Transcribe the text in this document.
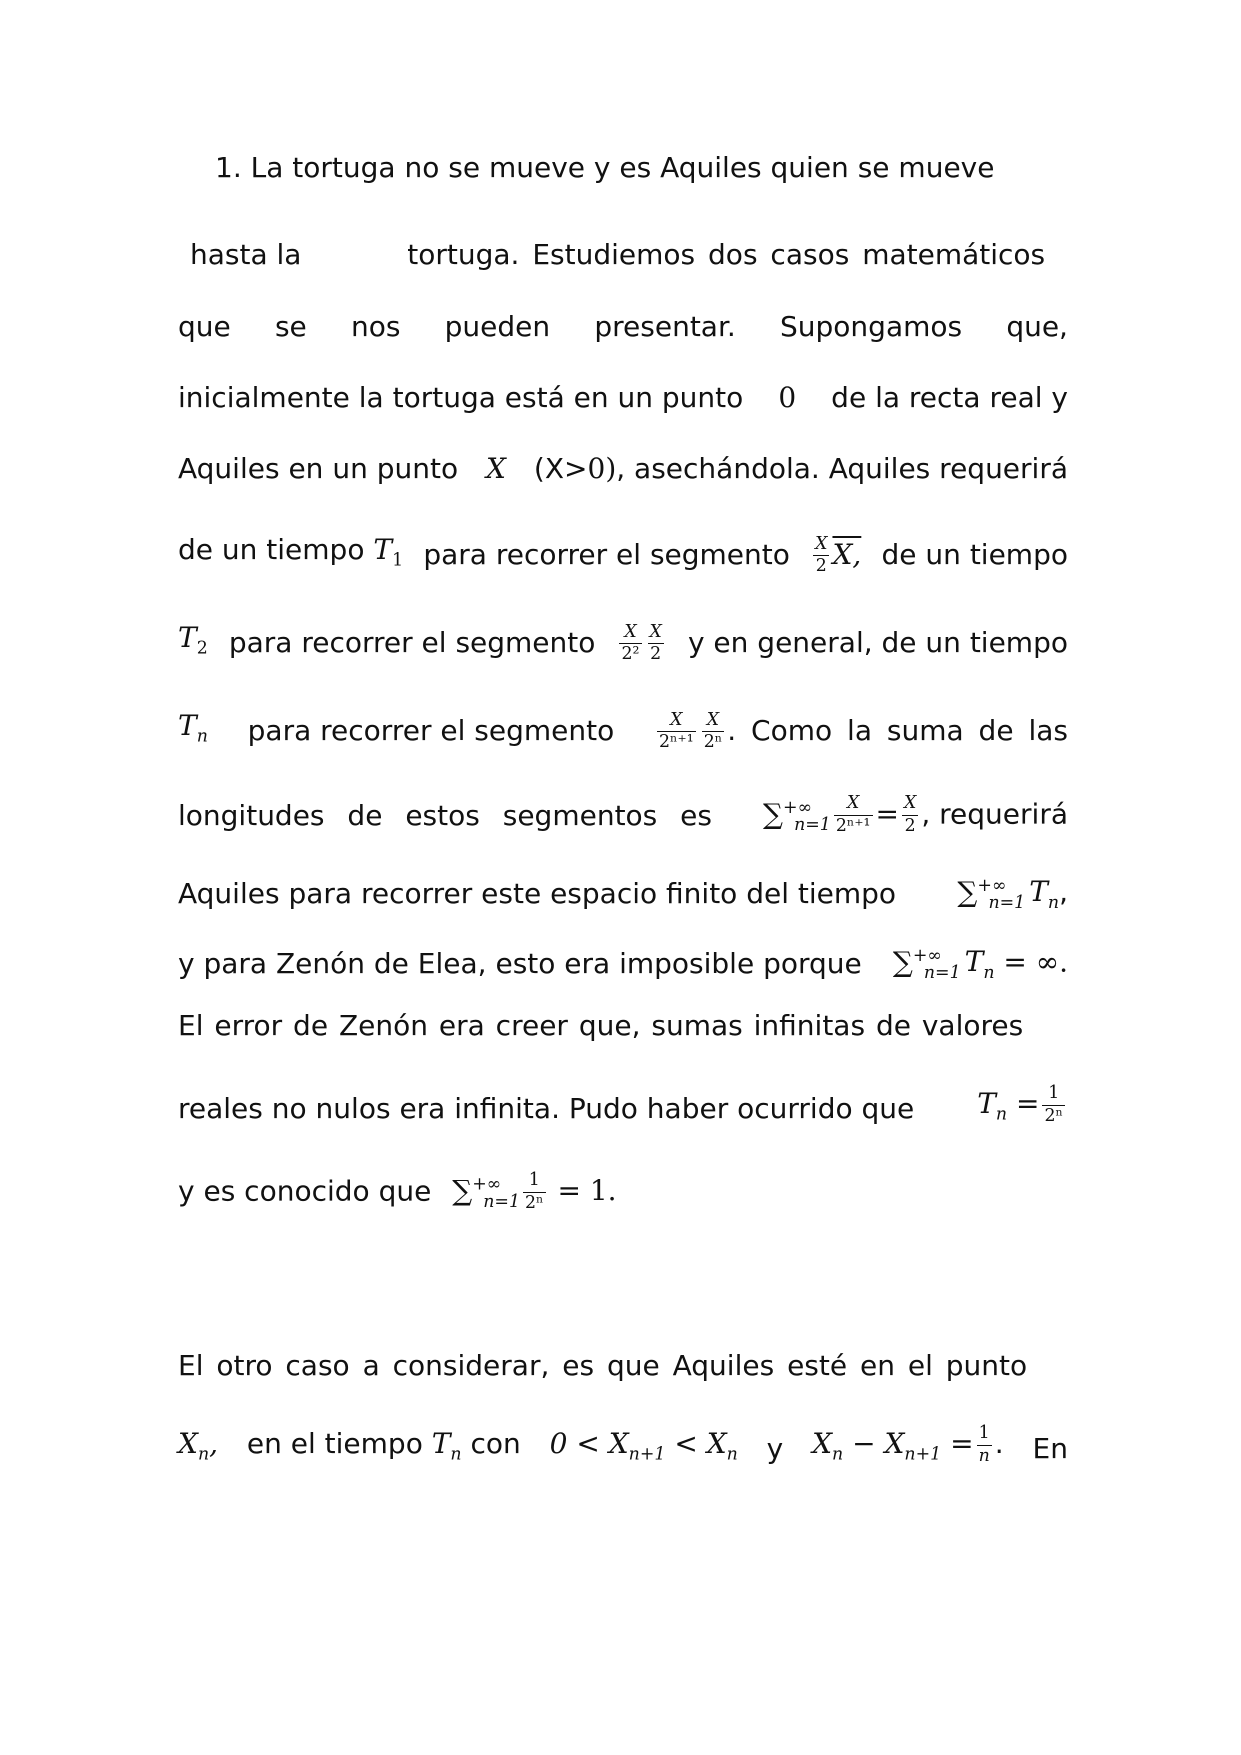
1. La tortuga no se mueve y es Aquiles quien se mueve
hasta la	tortuga. Estudiemos dos casos matemáticos
que se nos pueden presentar. Supongamos que,
inicialmente la tortuga está en un punto 0 de la recta real y
Aquiles en un punto X (X>0), asechándola. Aquiles requerirá
de un tiempo $T_1$ para recorrer el segmento $\frac{X}{2} X$, de un tiempo
$T_2$ para recorrer el segmento $\frac{X}{\text{2²}} \frac{X}{2}$ y en general, de un tiempo
$T_n$ para recorrer el segmento $\frac{X}{\text{2ⁿ⁺¹}} \frac{X}{\text{2ⁿ}}$ . Como la suma de las
longitudes de estos segmentos es $\sum^{+\infty}_{n=1} \frac{X}{\text{2ⁿ⁺¹}} = \frac{X}{2}$ , requerirá
Aquiles para recorrer este espacio finito del tiempo $\sum^{+\infty}_{n=1}$ $T_n$,
y para Zenón de Elea, esto era imposible porque $\sum^{+\infty}_{n=1}$ $T_n$ = ∞.
El error de Zenón era creer que, sumas infinitas de valores
reales no nulos era infinita. Pudo haber ocurrido que $T_n = \frac{1}{\text{2ⁿ}}$
y es conocido que $\sum^{+\infty}_{n=1} \frac{1}{\text{2ⁿ}} = 1$.
El otro caso a considerar, es que Aquiles esté en el punto
$X_n$, en el tiempo $T_n$ con $0 < X_{n+1} < X_n$ y $X_n - X_{n+1} = \frac{1}{n}$ . En
